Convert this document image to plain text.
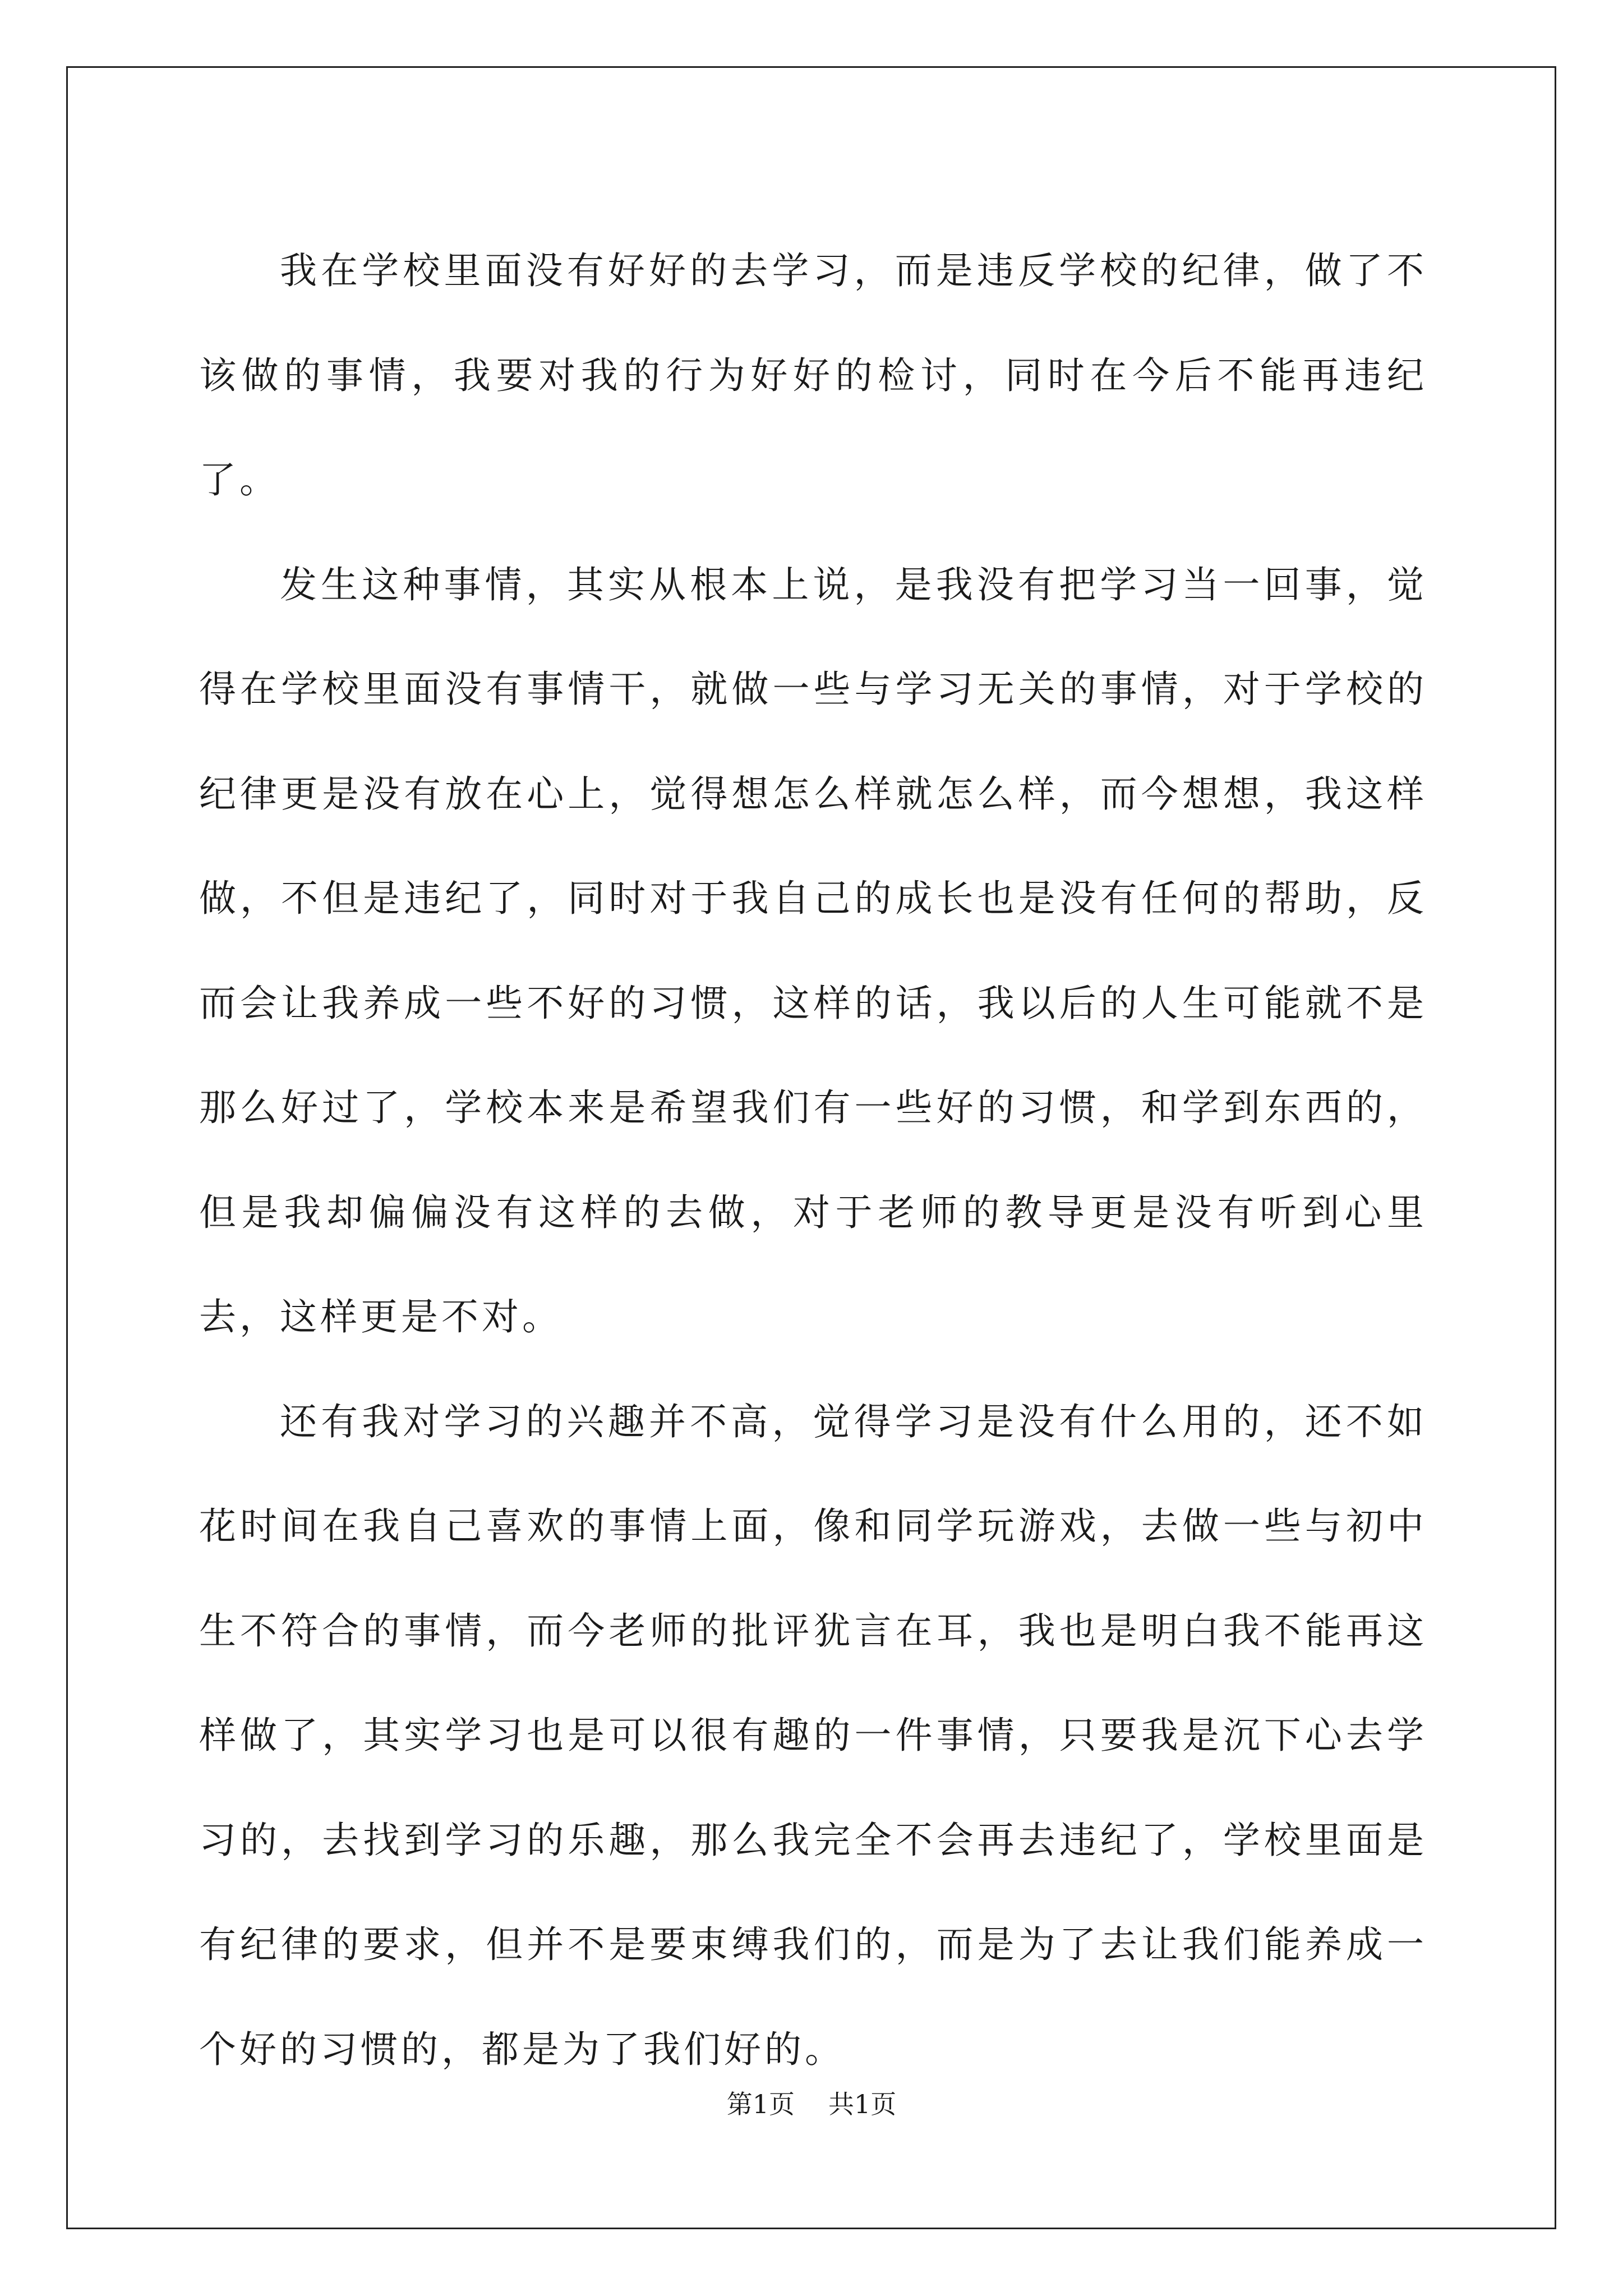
我在学校里面没有好好的去学习，而是违反学校的纪律，做了不该做的事情，我要对我的行为好好的检讨，同时在今后不能再违纪了。

发生这种事情，其实从根本上说，是我没有把学习当一回事，觉得在学校里面没有事情干，就做一些与学习无关的事情，对于学校的纪律更是没有放在心上，觉得想怎么样就怎么样，而今想想，我这样做，不但是违纪了，同时对于我自己的成长也是没有任何的帮助，反而会让我养成一些不好的习惯，这样的话，我以后的人生可能就不是那么好过了，学校本来是希望我们有一些好的习惯，和学到东西的，但是我却偏偏没有这样的去做，对于老师的教导更是没有听到心里去，这样更是不对。

还有我对学习的兴趣并不高，觉得学习是没有什么用的，还不如花时间在我自己喜欢的事情上面，像和同学玩游戏，去做一些与初中生不符合的事情，而今老师的批评犹言在耳，我也是明白我不能再这样做了，其实学习也是可以很有趣的一件事情，只要我是沉下心去学习的，去找到学习的乐趣，那么我完全不会再去违纪了，学校里面是有纪律的要求，但并不是要束缚我们的，而是为了去让我们能养成一个好的习惯的，都是为了我们好的。

第1页 共1页
